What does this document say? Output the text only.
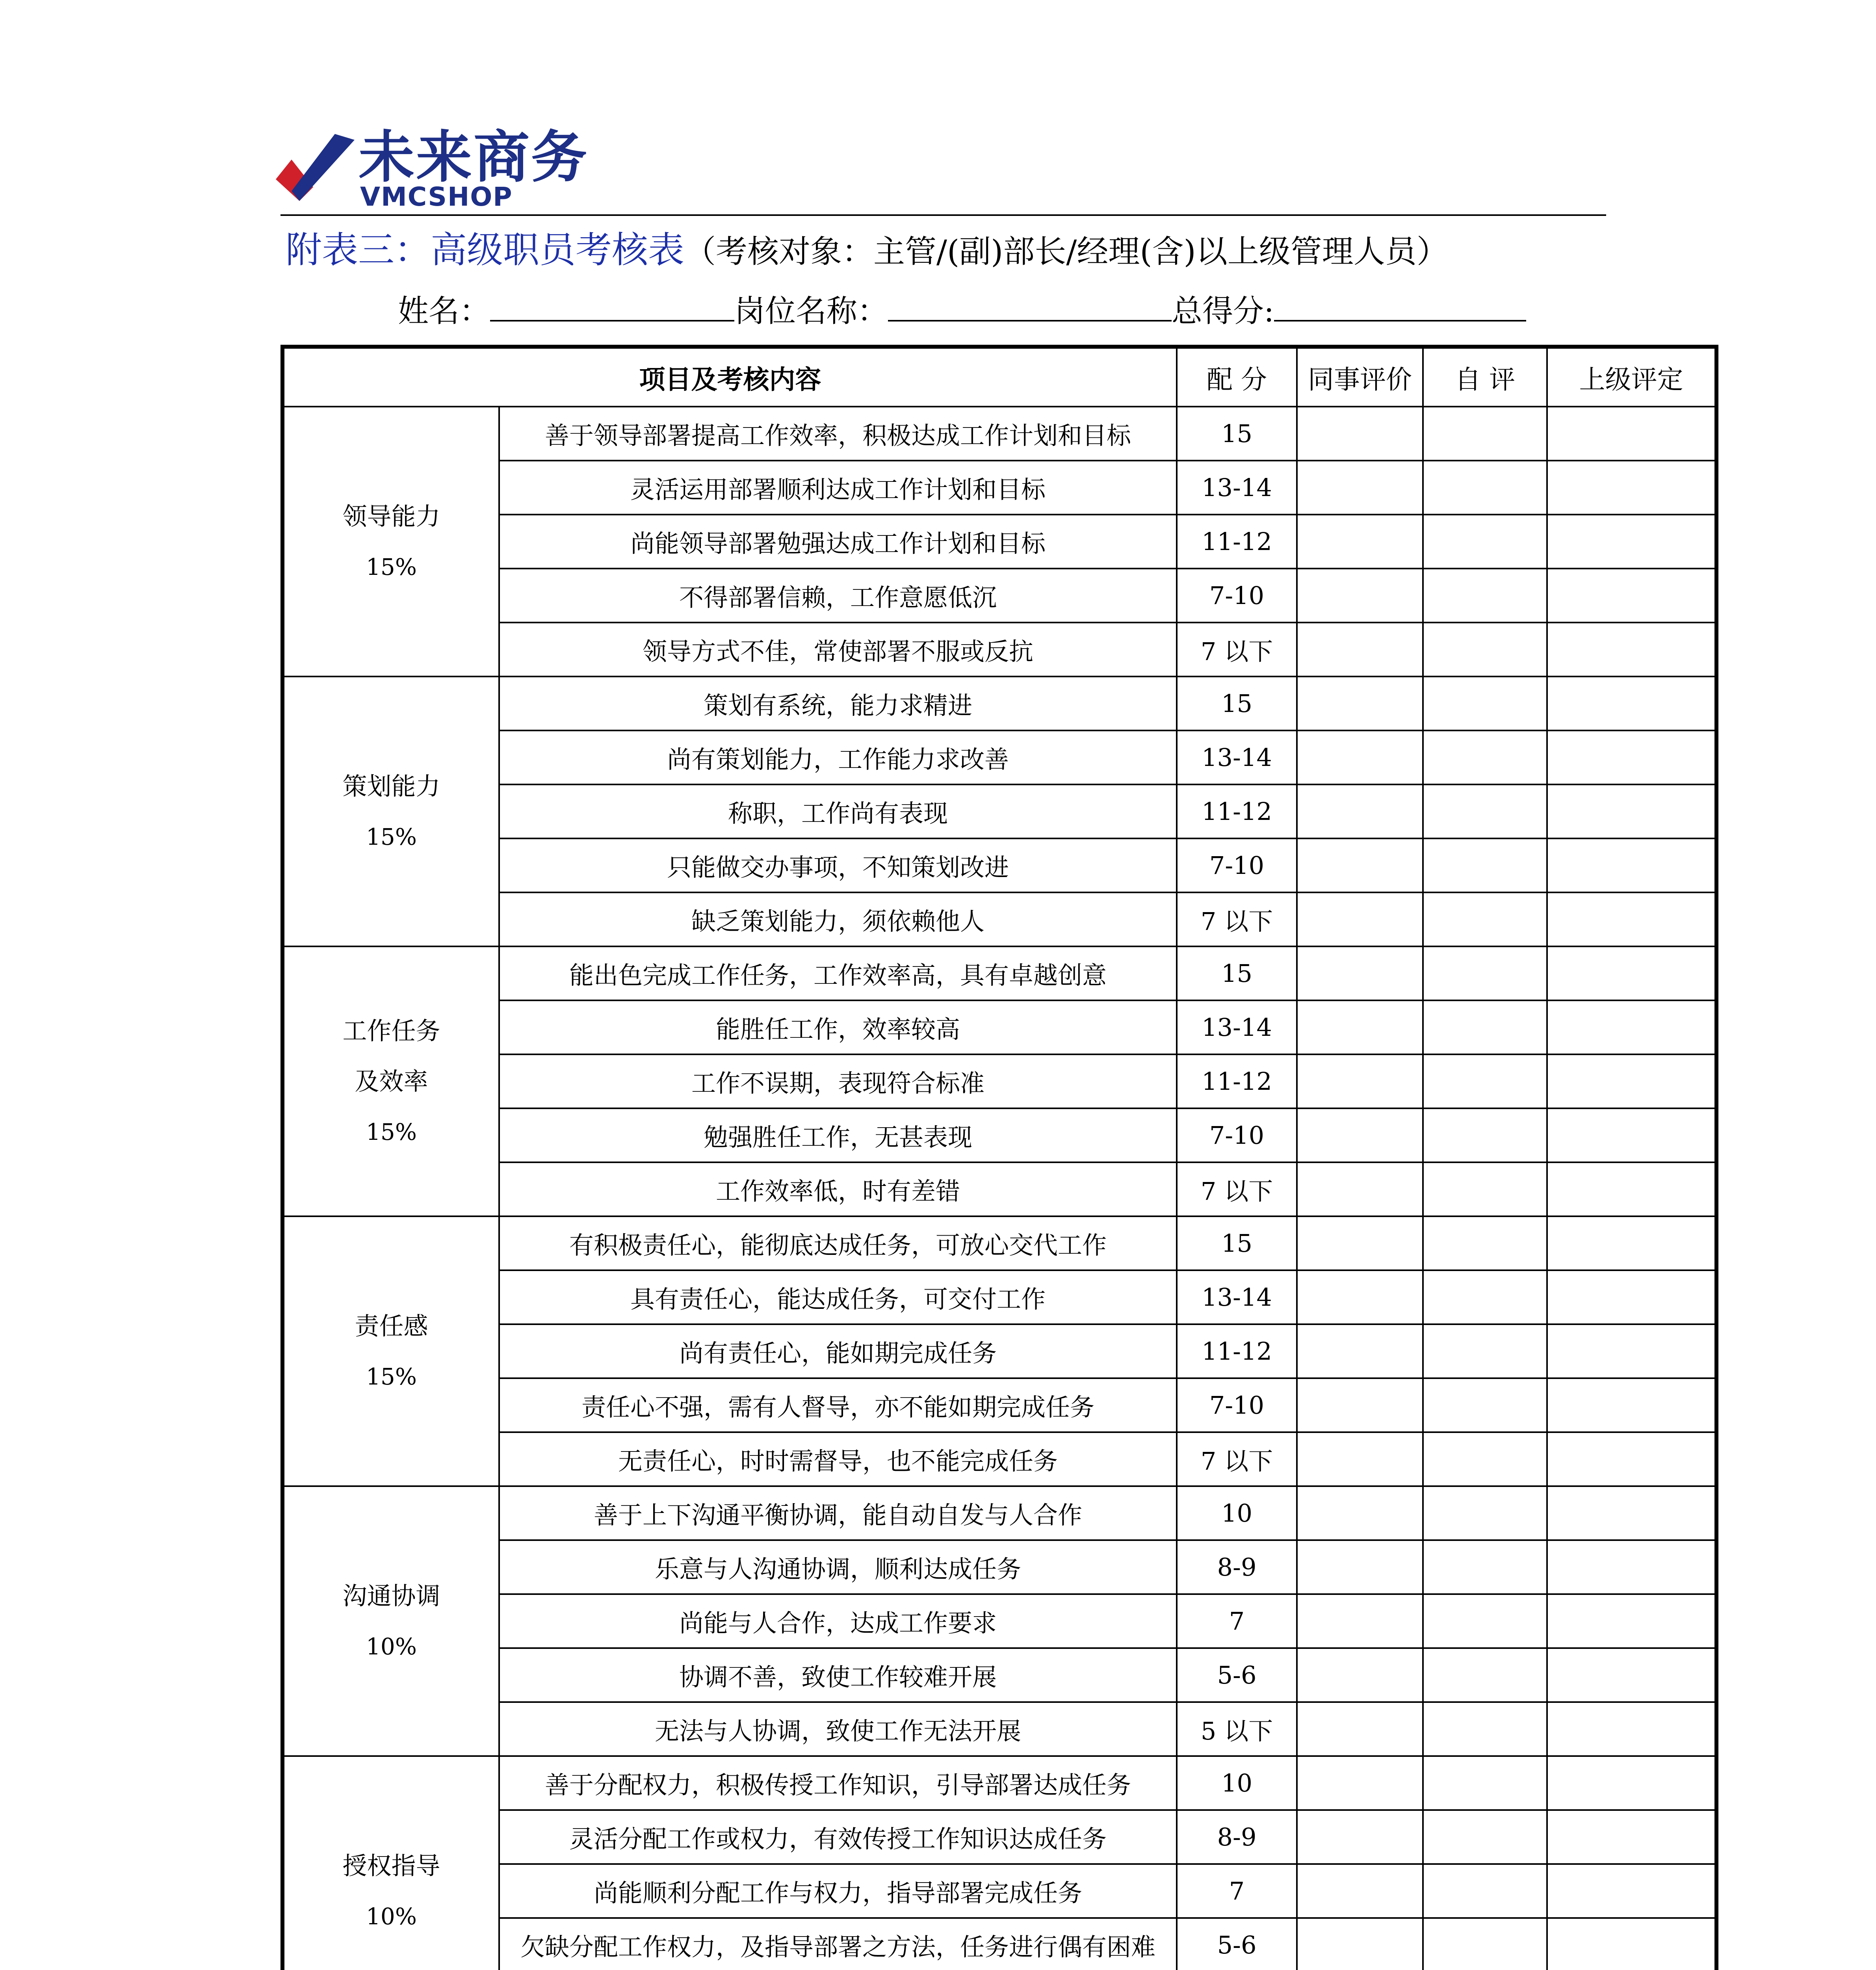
未来商务
VMCSHOP
附表三：高级职员考核表（考核对象：主管/(副)部长/经理(含)以上级管理人员）
姓名：	岗位名称：	总得分:
项目及考核内容		配 分	同事评价	自 评	上级评定

领导能力
15%	善于领导部署提高工作效率，积极达成工作计划和目标	15			
	灵活运用部署顺利达成工作计划和目标	13-14			
	尚能领导部署勉强达成工作计划和目标	11-12			
	不得部署信赖，工作意愿低沉	7-10			
	领导方式不佳，常使部署不服或反抗	7 以下			

策划能力
15%	策划有系统，能力求精进	15			
	尚有策划能力，工作能力求改善	13-14			
	称职，工作尚有表现	11-12			
	只能做交办事项，不知策划改进	7-10			
	缺乏策划能力，须依赖他人	7 以下			

工作任务
及效率
15%	能出色完成工作任务，工作效率高，具有卓越创意	15			
	能胜任工作，效率较高	13-14			
	工作不误期，表现符合标准	11-12			
	勉强胜任工作，无甚表现	7-10			
	工作效率低，时有差错	7 以下			

责任感
15%	有积极责任心，能彻底达成任务，可放心交代工作	15			
	具有责任心，能达成任务，可交付工作	13-14			
	尚有责任心，能如期完成任务	11-12			
	责任心不强，需有人督导，亦不能如期完成任务	7-10			
	无责任心，时时需督导，也不能完成任务	7 以下			

沟通协调
10%	善于上下沟通平衡协调，能自动自发与人合作	10			
	乐意与人沟通协调，顺利达成任务	8-9			
	尚能与人合作，达成工作要求	7			
	协调不善，致使工作较难开展	5-6			
	无法与人协调，致使工作无法开展	5 以下			

授权指导
10%	善于分配权力，积极传授工作知识，引导部署达成任务	10			
	灵活分配工作或权力，有效传授工作知识达成任务	8-9			
	尚能顺利分配工作与权力，指导部署完成任务	7			
	欠缺分配工作权力，及指导部署之方法，任务进行偶有困难	5-6			
